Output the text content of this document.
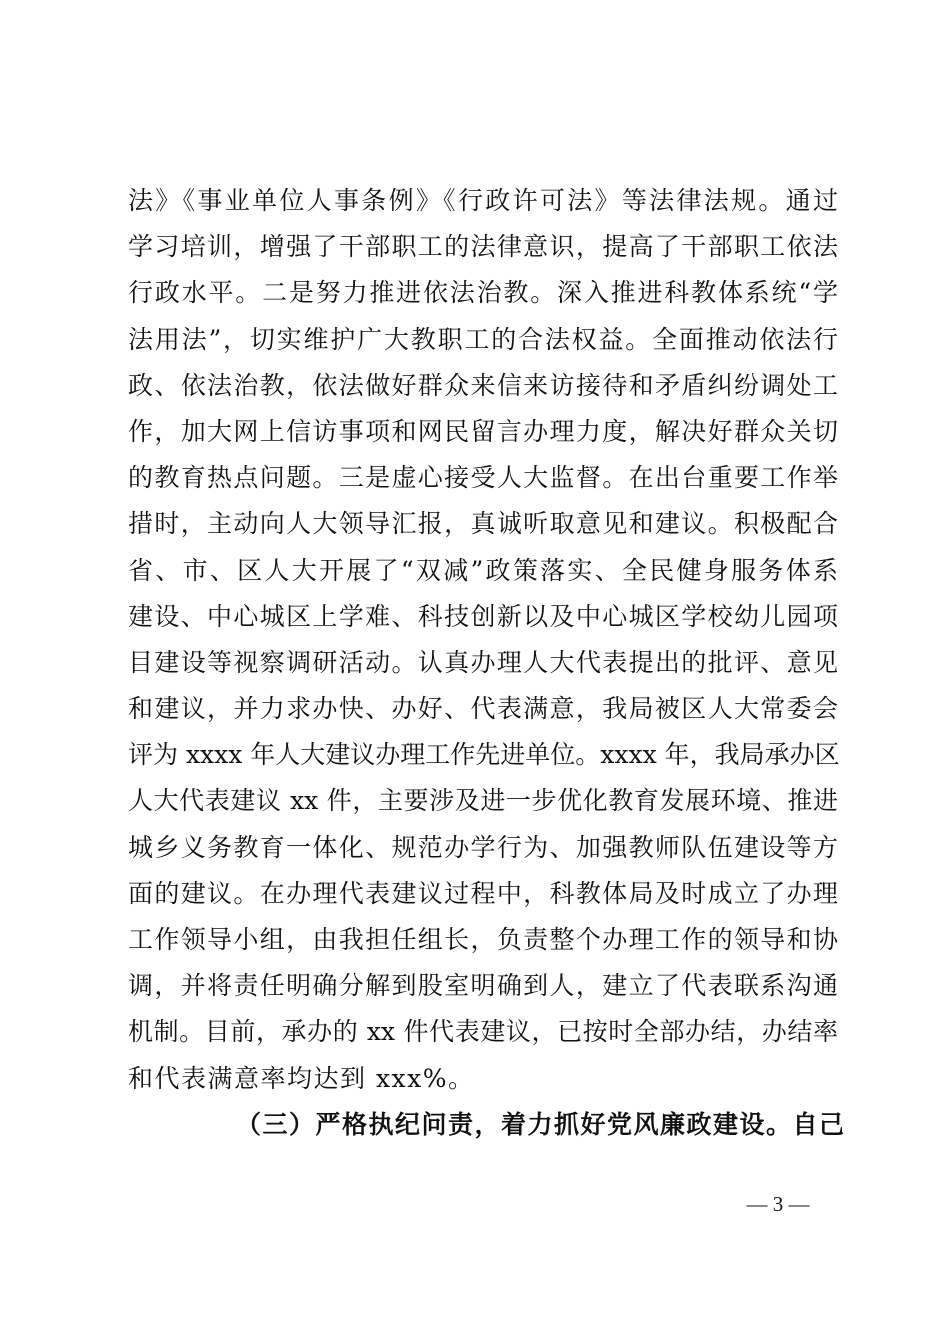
法》《事业单位人事条例》《行政许可法》等法律法规。通过
学习培训，增强了干部职工的法律意识，提高了干部职工依法
行政水平。二是努力推进依法治教。深入推进科教体系统“学
法用法”，切实维护广大教职工的合法权益。全面推动依法行
政、依法治教，依法做好群众来信来访接待和矛盾纠纷调处工
作，加大网上信访事项和网民留言办理力度，解决好群众关切
的教育热点问题。三是虚心接受人大监督。在出台重要工作举
措时，主动向人大领导汇报，真诚听取意见和建议。积极配合
省、市、区人大开展了“双减”政策落实、全民健身服务体系
建设、中心城区上学难、科技创新以及中心城区学校幼儿园项
目建设等视察调研活动。认真办理人大代表提出的批评、意见
和建议，并力求办快、办好、代表满意，我局被区人大常委会
评为 xxxx 年人大建议办理工作先进单位。xxxx 年，我局承办区
人大代表建议 xx 件，主要涉及进一步优化教育发展环境、推进
城乡义务教育一体化、规范办学行为、加强教师队伍建设等方
面的建议。在办理代表建议过程中，科教体局及时成立了办理
工作领导小组，由我担任组长，负责整个办理工作的领导和协
调，并将责任明确分解到股室明确到人，建立了代表联系沟通
机制。目前，承办的 xx 件代表建议，已按时全部办结，办结率
和代表满意率均达到 xxx%。
（三）严格执纪问责，着力抓好党风廉政建设。自己
— 3 —
